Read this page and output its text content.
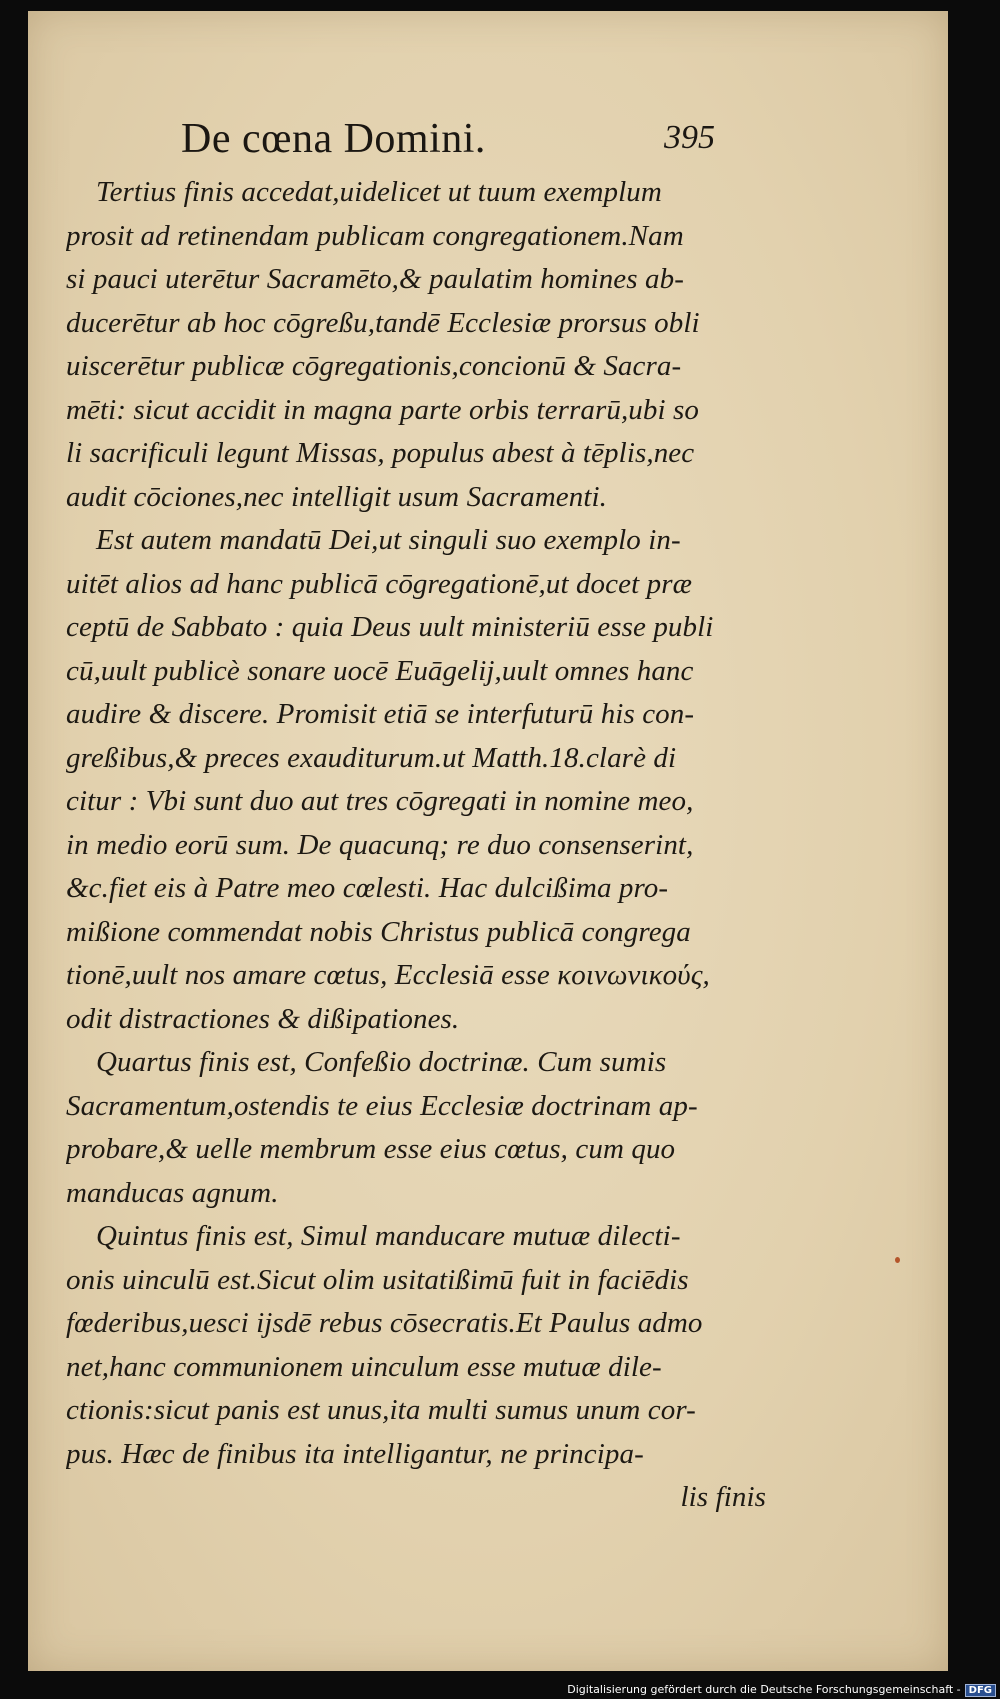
De cœna Domini.	395
Tertius finis accedat,uidelicet ut tuum exemplum
prosit ad retinendam publicam congregationem.Nam
si pauci uterētur Sacramēto,& paulatim homines ab-
ducerētur ab hoc cōgreßu,tandē Ecclesiæ prorsus obli
uiscerētur publicæ cōgregationis,concionū & Sacra-
mēti: sicut accidit in magna parte orbis terrarū,ubi so
li sacrificuli legunt Missas, populus abest à tēplis,nec
audit cōciones,nec intelligit usum Sacramenti.
Est autem mandatū Dei,ut singuli suo exemplo in-
uitēt alios ad hanc publicā cōgregationē,ut docet præ
ceptū de Sabbato : quia Deus uult ministeriū esse publi
cū,uult publicè sonare uocē Euāgelij,uult omnes hanc
audire & discere. Promisit etiā se interfuturū his con-
greßibus,& preces exauditurum.ut Matth.18.clarè di
citur : Vbi sunt duo aut tres cōgregati in nomine meo,
in medio eorū sum. De quacunq; re duo consenserint,
&c.fiet eis à Patre meo cœlesti. Hac dulcißima pro-
mißione commendat nobis Christus publicā congrega
tionē,uult nos amare cœtus, Ecclesiā esse κοινωνικούς,
odit distractiones & dißipationes.
Quartus finis est, Confeßio doctrinæ. Cum sumis
Sacramentum,ostendis te eius Ecclesiæ doctrinam ap-
probare,& uelle membrum esse eius cœtus, cum quo
manducas agnum.
Quintus finis est, Simul manducare mutuæ dilecti-
onis uinculū est.Sicut olim usitatißimū fuit in faciēdis
fœderibus,uesci ijsdē rebus cōsecratis.Et Paulus admo
net,hanc communionem uinculum esse mutuæ dile-
ctionis:sicut panis est unus,ita multi sumus unum cor-
pus. Hæc de finibus ita intelligantur, ne principa-
lis finis
Digitalisierung gefördert durch die Deutsche Forschungsgemeinschaft - DFG
